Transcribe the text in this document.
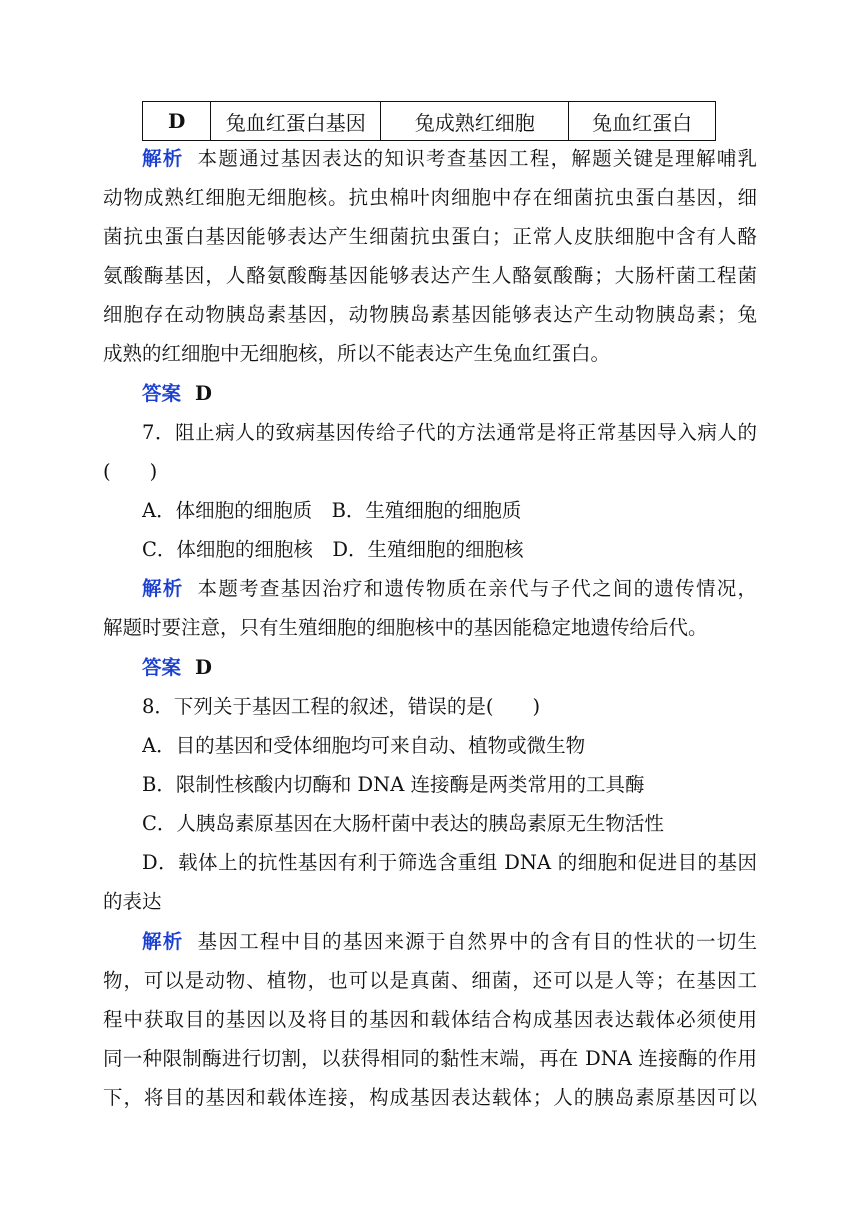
D	兔血红蛋白基因	兔成熟红细胞	兔血红蛋白
解析 本题通过基因表达的知识考查基因工程，解题关键是理解哺乳
动物成熟红细胞无细胞核。抗虫棉叶肉细胞中存在细菌抗虫蛋白基因，细
菌抗虫蛋白基因能够表达产生细菌抗虫蛋白；正常人皮肤细胞中含有人酪
氨酸酶基因，人酪氨酸酶基因能够表达产生人酪氨酸酶；大肠杆菌工程菌
细胞存在动物胰岛素基因，动物胰岛素基因能够表达产生动物胰岛素；兔
成熟的红细胞中无细胞核，所以不能表达产生兔血红蛋白。
答案 D
7．阻止病人的致病基因传给子代的方法通常是将正常基因导入病人的
(　　)
A．体细胞的细胞质　B．生殖细胞的细胞质
C．体细胞的细胞核　D．生殖细胞的细胞核
解析 本题考查基因治疗和遗传物质在亲代与子代之间的遗传情况，
解题时要注意，只有生殖细胞的细胞核中的基因能稳定地遗传给后代。
答案 D
8．下列关于基因工程的叙述，错误的是(　　)
A．目的基因和受体细胞均可来自动、植物或微生物
B．限制性核酸内切酶和 DNA 连接酶是两类常用的工具酶
C．人胰岛素原基因在大肠杆菌中表达的胰岛素原无生物活性
D．载体上的抗性基因有利于筛选含重组 DNA 的细胞和促进目的基因
的表达
解析 基因工程中目的基因来源于自然界中的含有目的性状的一切生
物，可以是动物、植物，也可以是真菌、细菌，还可以是人等；在基因工
程中获取目的基因以及将目的基因和载体结合构成基因表达载体必须使用
同一种限制酶进行切割，以获得相同的黏性末端，再在 DNA 连接酶的作用
下，将目的基因和载体连接，构成基因表达载体；人的胰岛素原基因可以
